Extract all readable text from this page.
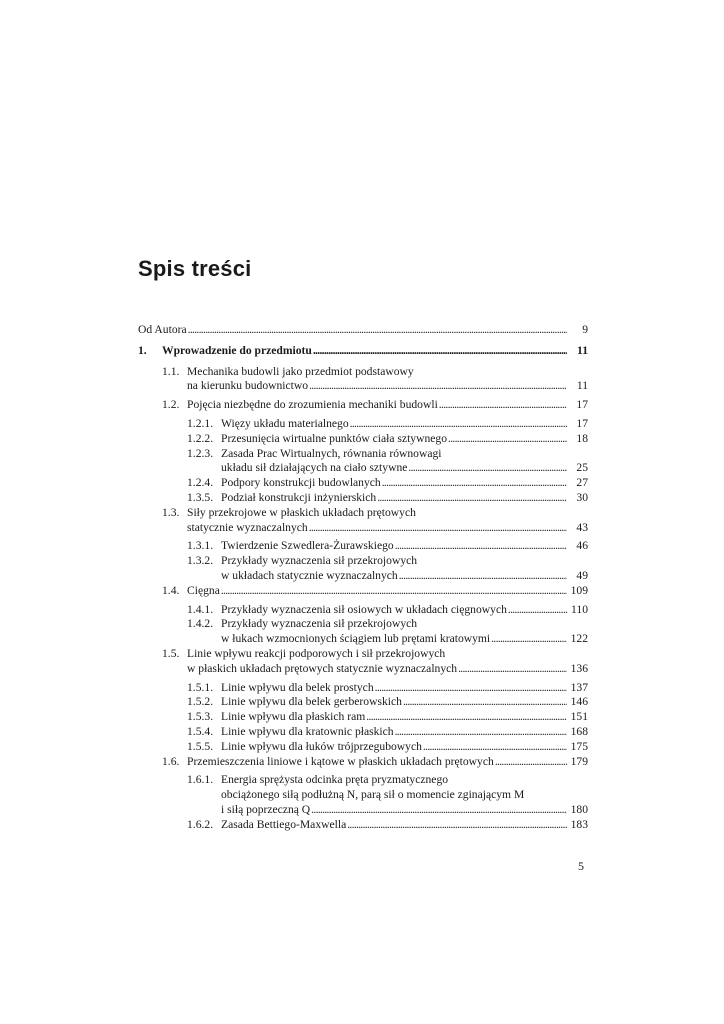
Spis treści
Od Autora . . .	9
1. Wprowadzenie do przedmiotu . . .	11
1.1. Mechanika budowli jako przedmiot podstawowy
na kierunku budownictwo . . .	11
1.2. Pojęcia niezbędne do zrozumienia mechaniki budowli . . .	17
1.2.1. Więzy układu materialnego . . .	17
1.2.2. Przesunięcia wirtualne punktów ciała sztywnego . . .	18
1.2.3. Zasada Prac Wirtualnych, równania równowagi
układu sił działających na ciało sztywne . . .	25
1.2.4. Podpory konstrukcji budowlanych . . .	27
1.3.5. Podział konstrukcji inżynierskich . . .	30
1.3. Siły przekrojowe w płaskich układach prętowych
statycznie wyznaczalnych . . .	43
1.3.1. Twierdzenie Szwedlera-Żurawskiego . . .	46
1.3.2. Przykłady wyznaczenia sił przekrojowych
w układach statycznie wyznaczalnych . . .	49
1.4. Cięgna . . .	109
1.4.1. Przykłady wyznaczenia sił osiowych w układach cięgnowych . . .	110
1.4.2. Przykłady wyznaczenia sił przekrojowych
w łukach wzmocnionych ściągiem lub prętami kratowymi . . .	122
1.5. Linie wpływu reakcji podporowych i sił przekrojowych
w płaskich układach prętowych statycznie wyznaczalnych . . .	136
1.5.1. Linie wpływu dla belek prostych . . .	137
1.5.2. Linie wpływu dla belek gerberowskich . . .	146
1.5.3. Linie wpływu dla płaskich ram . . .	151
1.5.4. Linie wpływu dla kratownic płaskich . . .	168
1.5.5. Linie wpływu dla łuków trójprzegubowych . . .	175
1.6. Przemieszczenia liniowe i kątowe w płaskich układach prętowych . . .	179
1.6.1. Energia sprężysta odcinka pręta pryzmatycznego
obciążonego siłą podłużną N, parą sił o momencie zginającym M
i siłą poprzeczną Q . . .	180
1.6.2. Zasada Bettiego-Maxwella . . .	183
5
